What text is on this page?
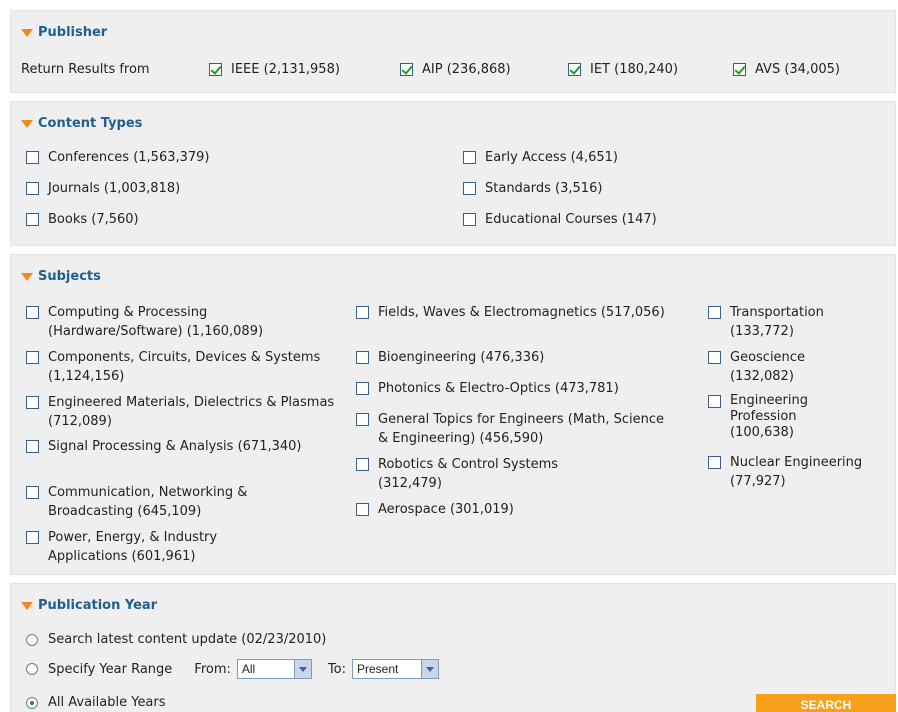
Publisher
Return Results from	IEEE (2,131,958)	AIP (236,868)	IET (180,240)	AVS (34,005)
Content Types
Conferences (1,563,379)
Journals (1,003,818)
Books (7,560)
Early Access (4,651)
Standards (3,516)
Educational Courses (147)
Subjects
Computing & Processing (Hardware/Software) (1,160,089)
Components, Circuits, Devices & Systems (1,124,156)
Engineered Materials, Dielectrics & Plasmas (712,089)
Signal Processing & Analysis (671,340)
Communication, Networking & Broadcasting (645,109)
Power, Energy, & Industry Applications (601,961)
Fields, Waves & Electromagnetics (517,056)
Bioengineering (476,336)
Photonics & Electro-Optics (473,781)
General Topics for Engineers (Math, Science & Engineering) (456,590)
Robotics & Control Systems (312,479)
Aerospace (301,019)
Transportation (133,772)
Geoscience (132,082)
Engineering Profession (100,638)
Nuclear Engineering (77,927)
Publication Year
Search latest content update (02/23/2010)
Specify Year Range From: All	To: Present
All Available Years	SEARCH
